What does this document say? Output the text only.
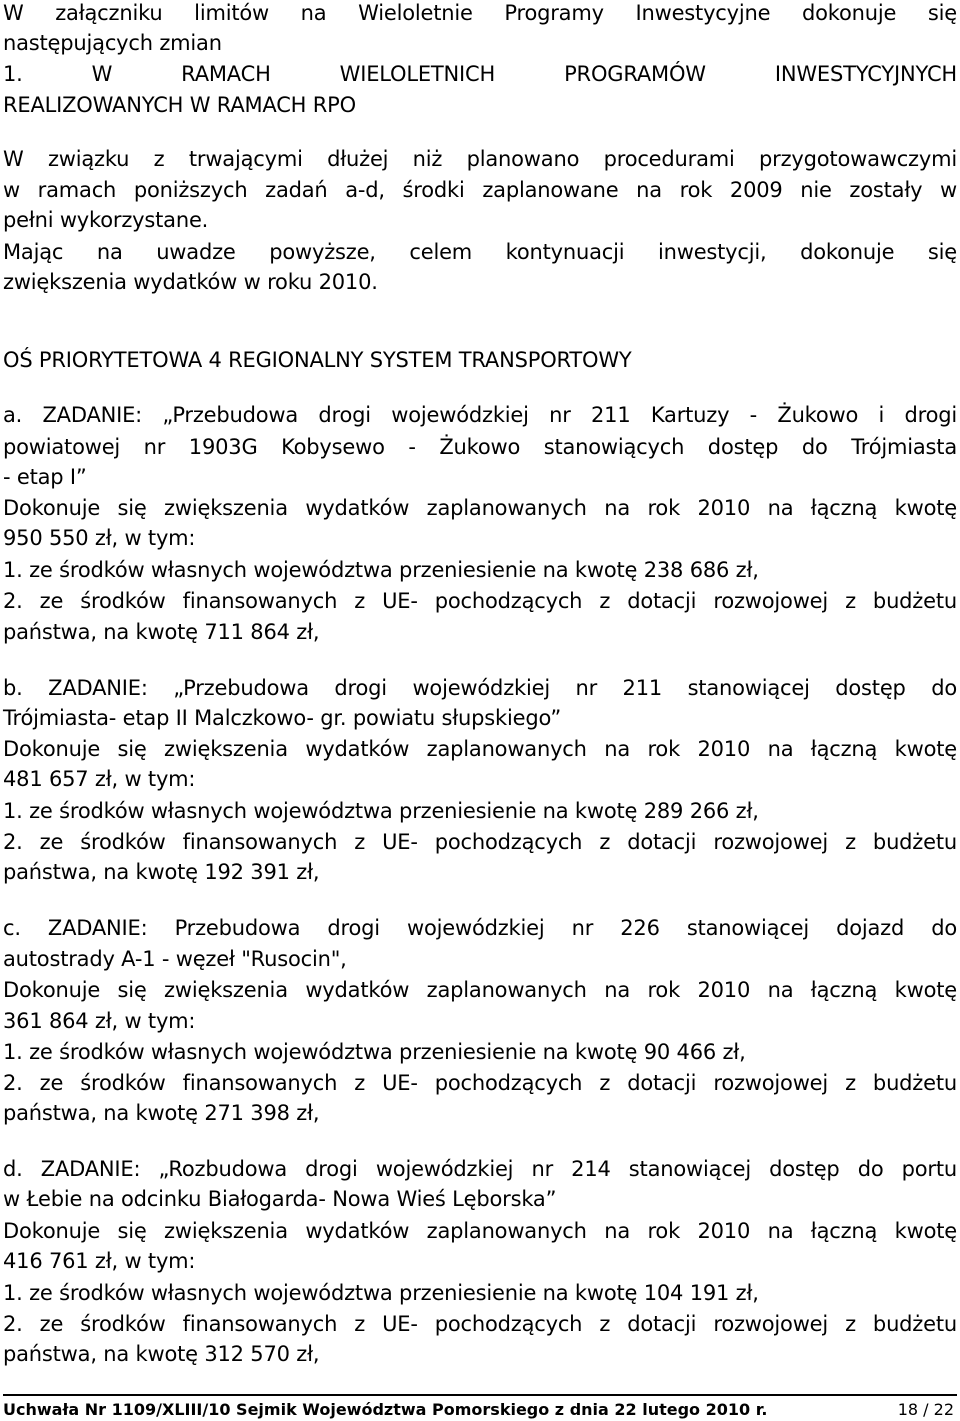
W załączniku limitów na Wieloletnie Programy Inwestycyjne dokonuje się
następujących zmian
1. W RAMACH WIELOLETNICH PROGRAMÓW INWESTYCYJNYCH
REALIZOWANYCH W RAMACH RPO
W związku z trwającymi dłużej niż planowano procedurami przygotowawczymi
w ramach poniższych zadań a-d, środki zaplanowane na rok 2009 nie zostały w
pełni wykorzystane.
Mając na uwadze powyższe, celem kontynuacji inwestycji, dokonuje się
zwiększenia wydatków w roku 2010.
OŚ PRIORYTETOWA 4 REGIONALNY SYSTEM TRANSPORTOWY
a. ZADANIE: „Przebudowa drogi wojewódzkiej nr 211 Kartuzy - Żukowo i drogi
powiatowej nr 1903G Kobysewo - Żukowo stanowiących dostęp do Trójmiasta
- etap I”
Dokonuje się zwiększenia wydatków zaplanowanych na rok 2010 na łączną kwotę
950 550 zł, w tym:
1. ze środków własnych województwa przeniesienie na kwotę 238 686 zł,
2. ze środków finansowanych z UE- pochodzących z dotacji rozwojowej z budżetu
państwa, na kwotę 711 864 zł,
b. ZADANIE: „Przebudowa drogi wojewódzkiej nr 211 stanowiącej dostęp do
Trójmiasta- etap II Malczkowo- gr. powiatu słupskiego”
Dokonuje się zwiększenia wydatków zaplanowanych na rok 2010 na łączną kwotę
481 657 zł, w tym:
1. ze środków własnych województwa przeniesienie na kwotę 289 266 zł,
2. ze środków finansowanych z UE- pochodzących z dotacji rozwojowej z budżetu
państwa, na kwotę 192 391 zł,
c. ZADANIE: Przebudowa drogi wojewódzkiej nr 226 stanowiącej dojazd do
autostrady A-1 - węzeł "Rusocin",
Dokonuje się zwiększenia wydatków zaplanowanych na rok 2010 na łączną kwotę
361 864 zł, w tym:
1. ze środków własnych województwa przeniesienie na kwotę 90 466 zł,
2. ze środków finansowanych z UE- pochodzących z dotacji rozwojowej z budżetu
państwa, na kwotę 271 398 zł,
d. ZADANIE: „Rozbudowa drogi wojewódzkiej nr 214 stanowiącej dostęp do portu
w Łebie na odcinku Białogarda- Nowa Wieś Lęborska”
Dokonuje się zwiększenia wydatków zaplanowanych na rok 2010 na łączną kwotę
416 761 zł, w tym:
1. ze środków własnych województwa przeniesienie na kwotę 104 191 zł,
2. ze środków finansowanych z UE- pochodzących z dotacji rozwojowej z budżetu
państwa, na kwotę 312 570 zł,
Uchwała Nr 1109/XLIII/10 Sejmik Województwa Pomorskiego z dnia 22 lutego 2010 r.	18 / 22
